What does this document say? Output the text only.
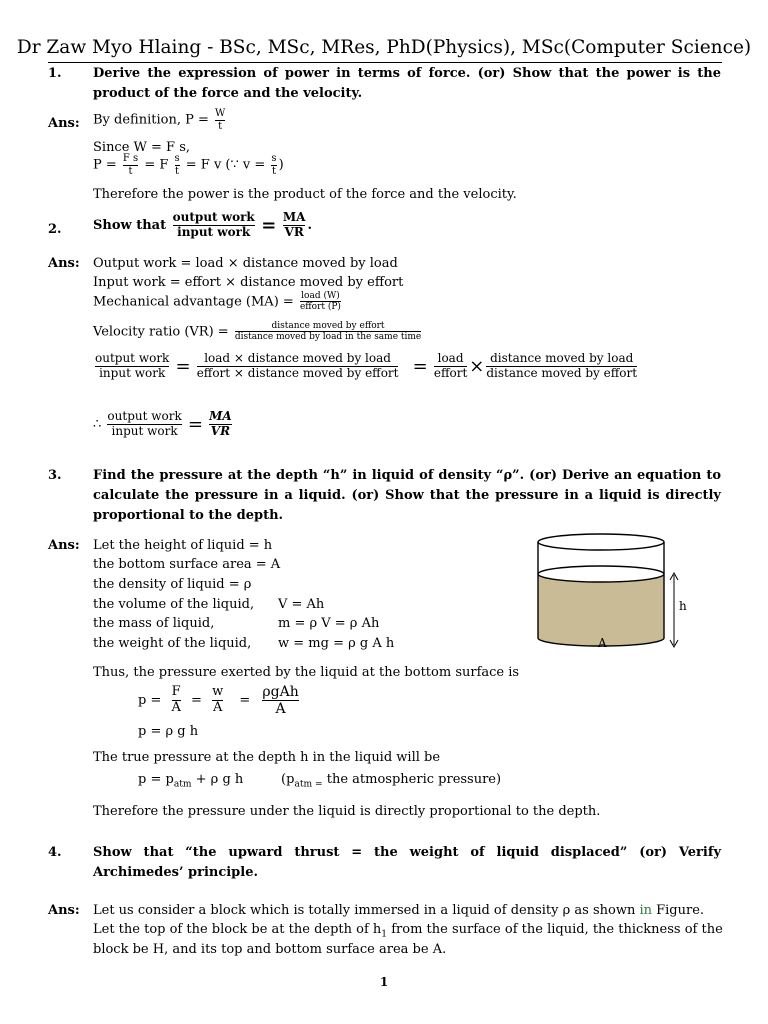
Dr Zaw Myo Hlaing - BSc, MSc, MRes, PhD(Physics), MSc(Computer Science)
1. Derive the expression of power in terms of force. (or) Show that the power is the product of the force and the velocity.
Ans: By definition, $P = \frac{W}{t}$
Since W = F s,
$P = \frac{\text{F s}}{t} = F \frac{s}{t} = F$ v (∵ $v = \frac{s}{t}$ )
Therefore the power is the product of the force and the velocity.
2. Show that $\frac{\text{output work}}{\text{input work}} = \frac{MA}{VR}$ .
Ans: Output work = load × distance moved by load
Input work = effort × distance moved by effort
Mechanical advantage $(MA) = \frac{\text{load (W)}}{\text{effort (P)}}$
Velocity ratio $(VR) = \frac{\text{distance moved by effort}}{\text{distance moved by load in the same time}}$
$\frac{\text{output work}}{\text{input work}} = \frac{\text{load × distance moved by load}}{\text{effort × distance moved by effort}} = \frac{\text{load}}{\text{effort}} \times \frac{\text{distance moved by load}}{\text{distance moved by effort}}$
∴ $\frac{\text{output work}}{\text{input work}} = \frac{MA}{VR}$
3. Find the pressure at the depth “h” in liquid of density “ρ”. (or) Derive an equation to calculate the pressure in a liquid. (or) Show that the pressure in a liquid is directly proportional to the depth.
Ans: Let the height of liquid = h
the bottom surface area = A
the density of liquid = ρ
the volume of the liquid, V = Ah
the mass of liquid,	m = ρ V = ρ Ah
the weight of the liquid, w = mg = ρ g A h
h
A
Thus, the pressure exerted by the liquid at the bottom surface is
$p = \frac{F}{A} = \frac{w}{A} = \frac{\text{ρgAh}}{A}$
p = ρ g h
The true pressure at the depth h in the liquid will be
$p = p_{atm} + \rho$ g h	($p_{atm =}$ the atmospheric pressure)
Therefore the pressure under the liquid is directly proportional to the depth.
4. Show that “the upward thrust = the weight of liquid displaced” (or) Verify Archimedes’ principle.
Ans: Let us consider a block which is totally immersed in a liquid of density ρ as shown in Figure.
Let the top of the block be at the depth of $h_1$ from the surface of the liquid, the thickness of the
block be H, and its top and bottom surface area be A.
1
